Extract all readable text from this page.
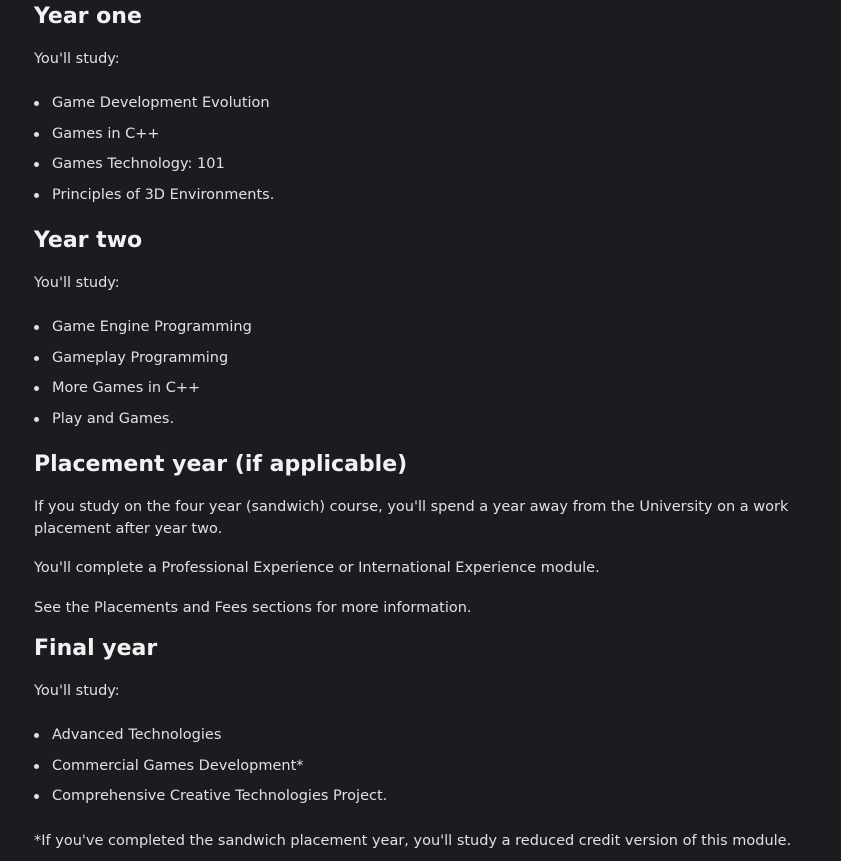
Year one

You'll study:

Game Development Evolution
Games in C++
Games Technology: 101
Principles of 3D Environments.
Year two

You'll study:

Game Engine Programming
Gameplay Programming
More Games in C++
Play and Games.
Placement year (if applicable)

If you study on the four year (sandwich) course, you'll spend a year away from the University on a work placement after year two.

You'll complete a Professional Experience or International Experience module.

See the Placements and Fees sections for more information.

Final year

You'll study:

Advanced Technologies
Commercial Games Development*
Comprehensive Creative Technologies Project.

*If you've completed the sandwich placement year, you'll study a reduced credit version of this module.
